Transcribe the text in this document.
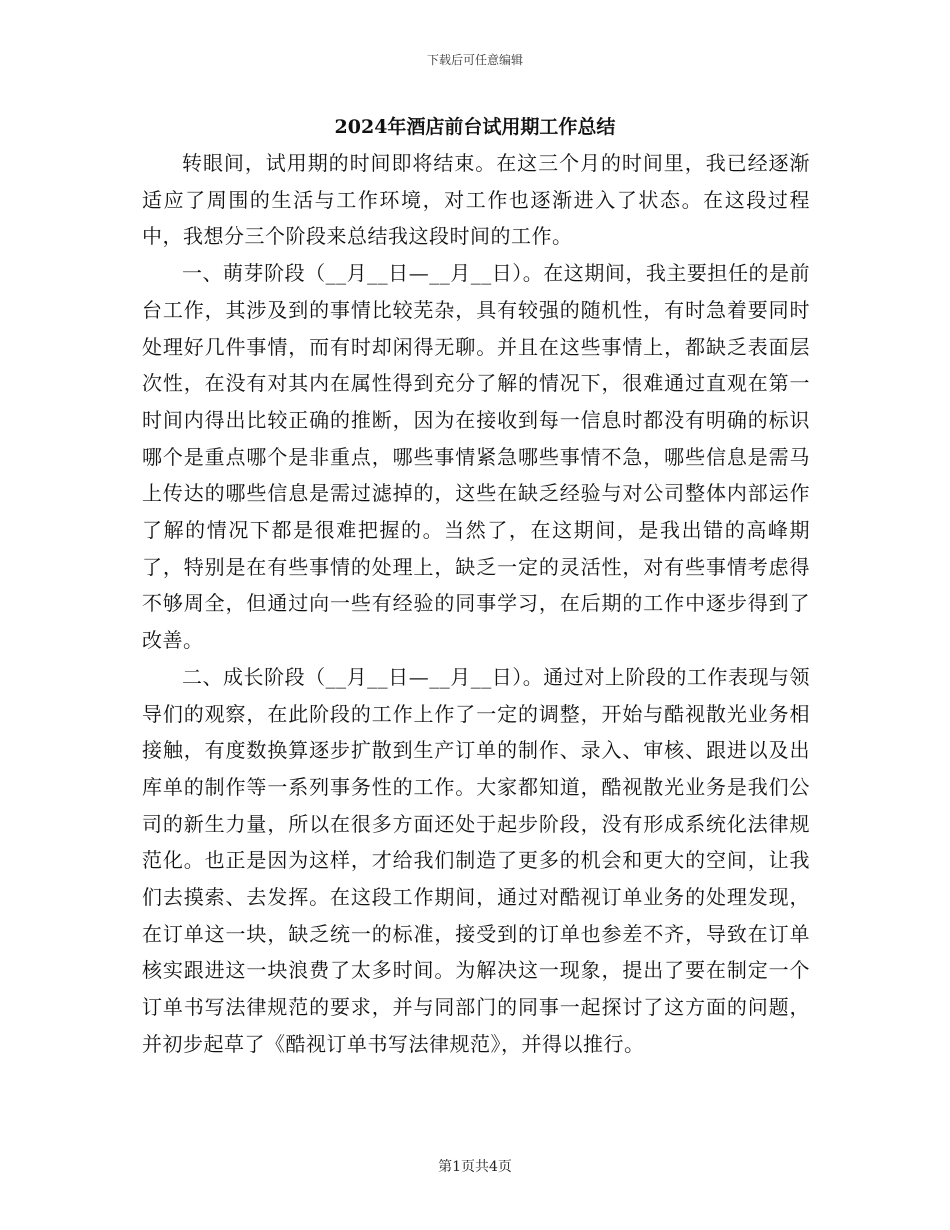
下载后可任意编辑
2024年酒店前台试用期工作总结

转眼间，试用期的时间即将结束。在这三个月的时间里，我已经逐渐适应了周围的生活与工作环境，对工作也逐渐进入了状态。在这段过程中，我想分三个阶段来总结我这段时间的工作。

一、萌芽阶段（__月__日—__月__日）。在这期间，我主要担任的是前台工作，其涉及到的事情比较芜杂，具有较强的随机性，有时急着要同时处理好几件事情，而有时却闲得无聊。并且在这些事情上，都缺乏表面层次性，在没有对其内在属性得到充分了解的情况下，很难通过直观在第一时间内得出比较正确的推断，因为在接收到每一信息时都没有明确的标识哪个是重点哪个是非重点，哪些事情紧急哪些事情不急，哪些信息是需马上传达的哪些信息是需过滤掉的，这些在缺乏经验与对公司整体内部运作了解的情况下都是很难把握的。当然了，在这期间，是我出错的高峰期了，特别是在有些事情的处理上，缺乏一定的灵活性，对有些事情考虑得不够周全，但通过向一些有经验的同事学习，在后期的工作中逐步得到了改善。

二、成长阶段（__月__日—__月__日）。通过对上阶段的工作表现与领导们的观察，在此阶段的工作上作了一定的调整，开始与酷视散光业务相接触，有度数换算逐步扩散到生产订单的制作、录入、审核、跟进以及出库单的制作等一系列事务性的工作。大家都知道，酷视散光业务是我们公司的新生力量，所以在很多方面还处于起步阶段，没有形成系统化法律规范化。也正是因为这样，才给我们制造了更多的机会和更大的空间，让我们去摸索、去发挥。在这段工作期间，通过对酷视订单业务的处理发现，在订单这一块，缺乏统一的标准，接受到的订单也参差不齐，导致在订单核实跟进这一块浪费了太多时间。为解决这一现象，提出了要在制定一个订单书写法律规范的要求，并与同部门的同事一起探讨了这方面的问题，并初步起草了《酷视订单书写法律规范》，并得以推行。

第1页共4页
